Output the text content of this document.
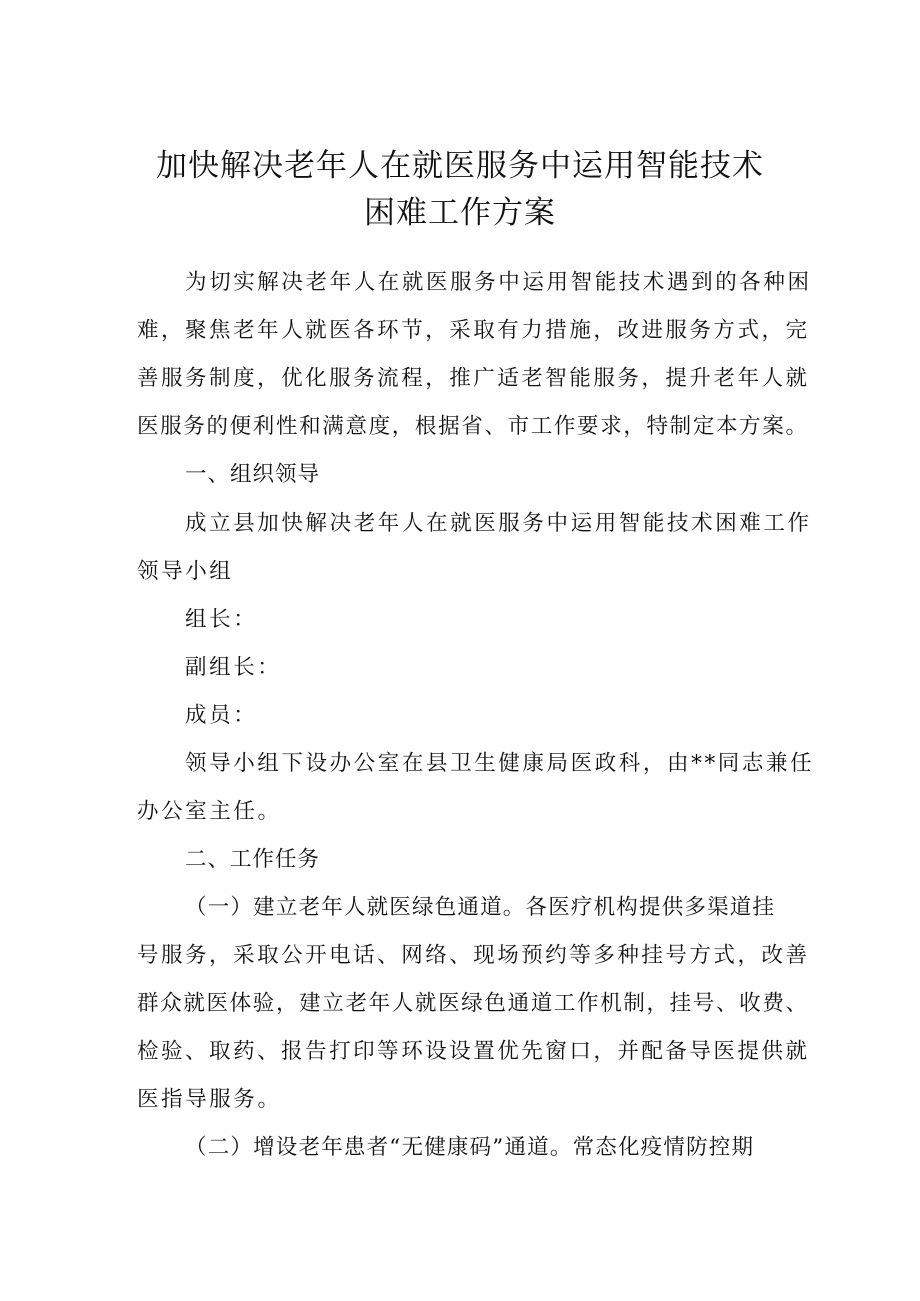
加快解决老年人在就医服务中运用智能技术
困难工作方案
为切实解决老年人在就医服务中运用智能技术遇到的各种困
难，聚焦老年人就医各环节，采取有力措施，改进服务方式，完
善服务制度，优化服务流程，推广适老智能服务，提升老年人就
医服务的便利性和满意度，根据省、市工作要求，特制定本方案。
一、组织领导
成立县加快解决老年人在就医服务中运用智能技术困难工作
领导小组
组长：
副组长：
成员：
领导小组下设办公室在县卫生健康局医政科，由**同志兼任
办公室主任。
二、工作任务
（一）建立老年人就医绿色通道。各医疗机构提供多渠道挂
号服务，采取公开电话、网络、现场预约等多种挂号方式，改善
群众就医体验，建立老年人就医绿色通道工作机制，挂号、收费、
检验、取药、报告打印等环设设置优先窗口，并配备导医提供就
医指导服务。
（二）增设老年患者“无健康码”通道。常态化疫情防控期
